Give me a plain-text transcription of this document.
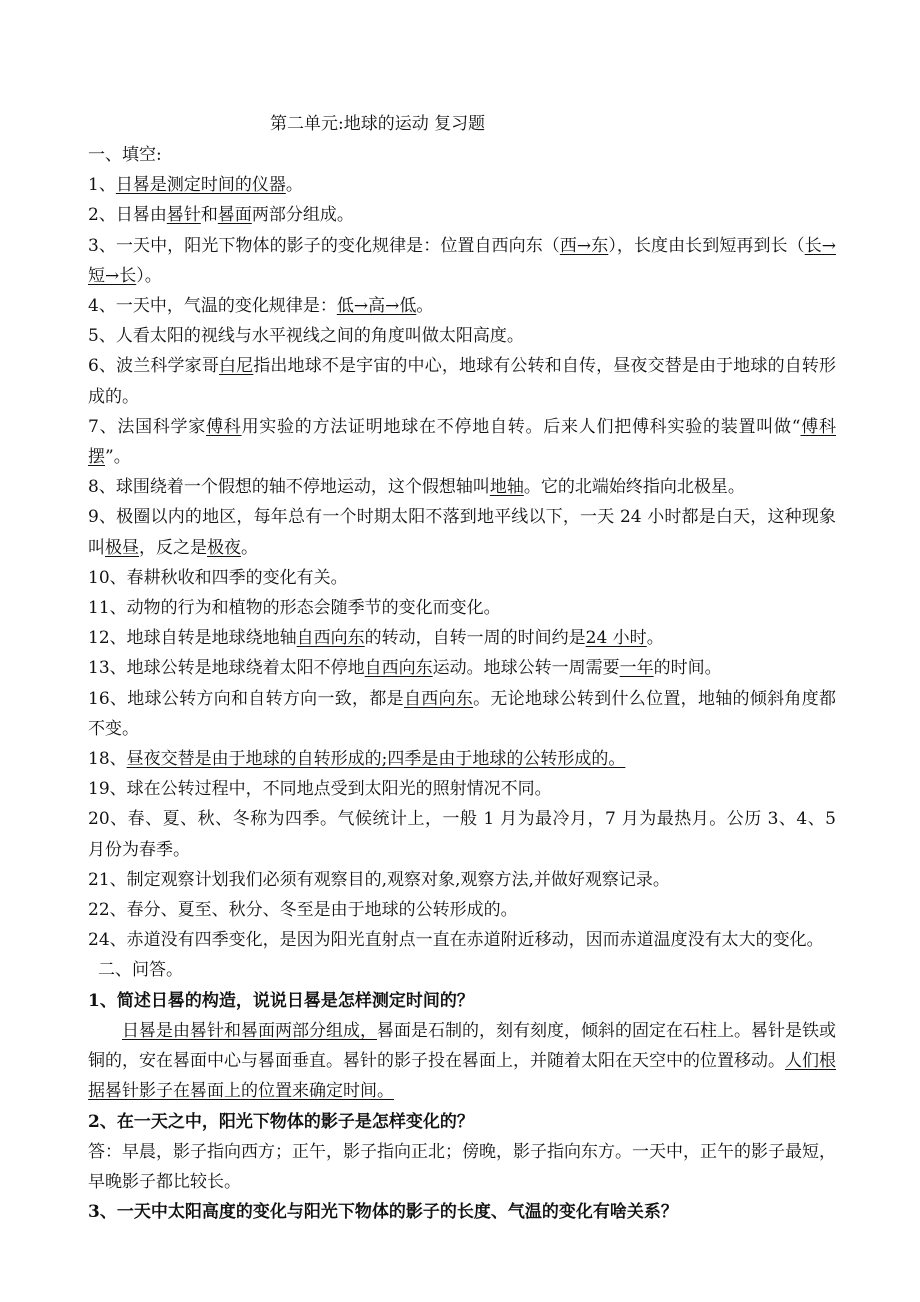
第二单元:地球的运动 复习题

一、填空:

1、日晷是测定时间的仪器。

2、日晷由晷针和晷面两部分组成。

3、一天中，阳光下物体的影子的变化规律是：位置自西向东（西→东），长度由长到短再到长（长→短→长）。

4、一天中，气温的变化规律是：低→高→低。

5、人看太阳的视线与水平视线之间的角度叫做太阳高度。

6、波兰科学家哥白尼指出地球不是宇宙的中心，地球有公转和自传，昼夜交替是由于地球的自转形成的。

7、法国科学家傅科用实验的方法证明地球在不停地自转。后来人们把傅科实验的装置叫做“傅科摆”。

8、球围绕着一个假想的轴不停地运动，这个假想轴叫地轴。它的北端始终指向北极星。

9、极圈以内的地区，每年总有一个时期太阳不落到地平线以下，一天 24 小时都是白天，这种现象叫极昼，反之是极夜。

10、春耕秋收和四季的变化有关。

11、动物的行为和植物的形态会随季节的变化而变化。

12、地球自转是地球绕地轴自西向东的转动，自转一周的时间约是24 小时。

13、地球公转是地球绕着太阳不停地自西向东运动。地球公转一周需要一年的时间。

16、地球公转方向和自转方向一致，都是自西向东。无论地球公转到什么位置，地轴的倾斜角度都不变。

18、昼夜交替是由于地球的自转形成的;四季是由于地球的公转形成的。

19、球在公转过程中，不同地点受到太阳光的照射情况不同。

20、春、夏、秋、冬称为四季。气候统计上，一般 1 月为最冷月，7 月为最热月。公历 3、4、5 月份为春季。

21、制定观察计划我们必须有观察目的,观察对象,观察方法,并做好观察记录。

22、春分、夏至、秋分、冬至是由于地球的公转形成的。

24、赤道没有四季变化，是因为阳光直射点一直在赤道附近移动，因而赤道温度没有太大的变化。

二、问答。

1、简述日晷的构造，说说日晷是怎样测定时间的？

日晷是由晷针和晷面两部分组成，晷面是石制的，刻有刻度，倾斜的固定在石柱上。晷针是铁或铜的，安在晷面中心与晷面垂直。晷针的影子投在晷面上，并随着太阳在天空中的位置移动。人们根据晷针影子在晷面上的位置来确定时间。

2、在一天之中，阳光下物体的影子是怎样变化的？

答：早晨，影子指向西方；正午，影子指向正北；傍晚，影子指向东方。一天中，正午的影子最短，早晚影子都比较长。

3、一天中太阳高度的变化与阳光下物体的影子的长度、气温的变化有啥关系？
